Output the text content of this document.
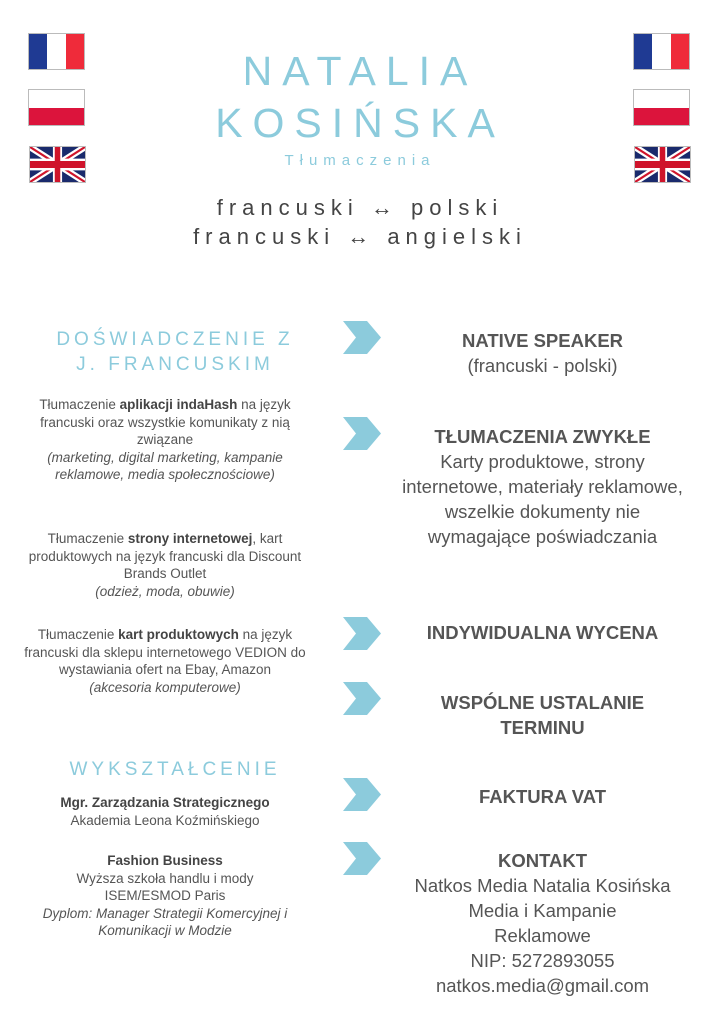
NATALIA
KOSIŃSKA
Tłumaczenia
francuski ↔ polski
francuski ↔ angielski
DOŚWIADCZENIE Z
J. FRANCUSKIM
Tłumaczenie aplikacji indaHash na język francuski oraz wszystkie komunikaty z nią związane
(marketing, digital marketing, kampanie reklamowe, media społecznościowe)
Tłumaczenie strony internetowej, kart produktowych na język francuski dla Discount Brands Outlet
(odzież, moda, obuwie)
Tłumaczenie kart produktowych na język francuski dla sklepu internetowego VEDION do wystawiania ofert na Ebay, Amazon
(akcesoria komputerowe)
WYKSZTAŁCENIE
Mgr. Zarządzania Strategicznego
Akademia Leona Koźmińskiego
Fashion Business
Wyższa szkoła handlu i mody
ISEM/ESMOD Paris
Dyplom: Manager Strategii Komercyjnej i Komunikacji w Modzie
NATIVE SPEAKER
(francuski - polski)
TŁUMACZENIA ZWYKŁE
Karty produktowe, strony internetowe, materiały reklamowe, wszelkie dokumenty nie wymagające poświadczania
INDYWIDUALNA WYCENA
WSPÓLNE USTALANIE TERMINU
FAKTURA VAT
KONTAKT
Natkos Media Natalia Kosińska
Media i Kampanie
Reklamowe
NIP: 5272893055
natkos.media@gmail.com
